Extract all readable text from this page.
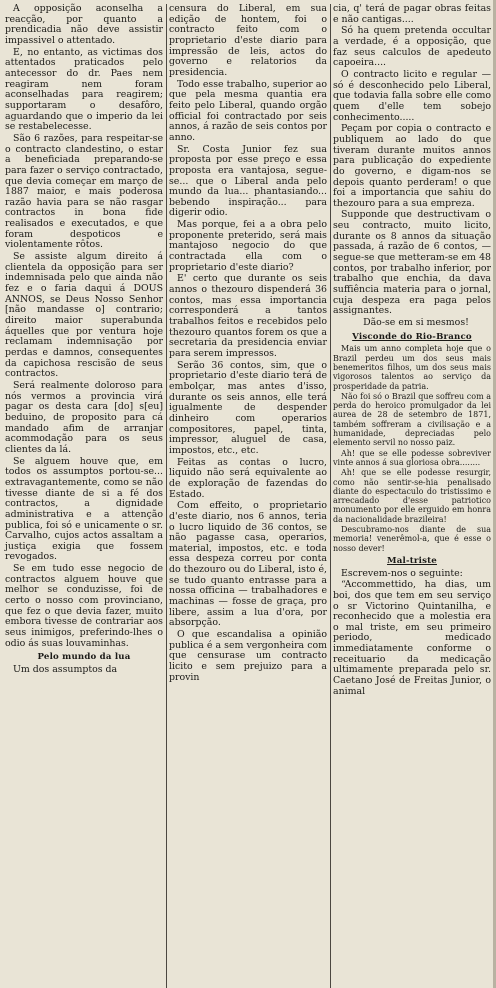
A opposição aconselha a reacção, por quanto a prendicadia não deve assistir impassivel o attentado.

E, no entanto, as victimas dos attentados praticados pelo antecessor do dr. Paes nem reagiram nem foram aconselhadas para reagirem; supportaram o desafôro, aguardando que o imperio da lei se restabelecesse.

São 6 razões, para respeitar-se o contracto clandestino, o estar a beneficiada preparando-se para fazer o serviço contractado, que devia começar em março de 1887 maior, e mais poderosa razão havia para se não rasgar contractos in bona fide realisados e executados, e que foram despoticos e violentamente rôtos.

Se assiste algum direito á clientela da opposição para ser indemnisada pelo que ainda não fez e o faria daqui á DOUS ANNOS, se Deus Nosso Senhor [não mandasse o] contrario; direito maior superabunda áquelles que por ventura hoje reclamam indemnisação por perdas e damnos, consequentes da capichosa rescisão de seus contractos.

Será realmente doloroso para nós vermos a provincia virá pagar os desta cara [do] s[eu] beduino, de proposito para cá mandado afim de arranjar acommodação para os seus clientes da lá.

Se alguem houve que, em todos os assumptos portou-se... extravagantemente, como se não tivesse diante de si a fé dos contractos, a dignidade administrativa e a attenção publica, foi só e unicamente o sr. Carvalho, cujos actos assaltam a justiça exigia que fossem revogados.

Se em tudo esse negocio de contractos alguem houve que melhor se conduzisse, foi de certo o nosso com provinciano, que fez o que devia fazer, muito embora tivesse de contrariar aos seus inimigos, preferindo-lhes o odio ás suas louvaminhas.

Pelo mundo da lua

Um dos assumptos da

censura do Liberal, em sua edição de hontem, foi o contracto feito com o proprietario d'este diario para impressão de leis, actos do governo e relatorios da presidencia.

Todo esse trabalho, superior ao que pela mesma quantia era feito pelo Liberal, quando orgão official foi contractado por seis annos, á razão de seis contos por anno.

Sr. Costa Junior fez sua proposta por esse preço e essa proposta era vantajosa, segue-se... que o Liberal anda pelo mundo da lua... phantasiando... bebendo inspiração... para digerir odio.

Mas porque, fei a a obra pelo proponente preterido, será mais mantajoso negocio do que contractada ella com o proprietario d'este diario?

E' certo que durante os seis annos o thezouro dispenderá 36 contos, mas essa importancia corresponderá a tantos trabalhos feitos e recebidos pelo thezouro quantos forem os que a secretaria da presidencia enviar para serem impressos.

Serão 36 contos, sim, que o proprietario d'este diario terá de embolçar, mas antes d'isso, durante os seis annos, elle terá igualmente de despender dinheiro com operarios compositores, papel, tinta, impressor, aluguel de casa, impostos, etc., etc.

Feitas as contas o lucro, liquido não será equivalente ao de exploração de fazendas do Estado.

Com effeito, o proprietario d'este diario, nos 6 annos, teria o lucro liquido de 36 contos, se não pagasse casa, operarios, material, impostos, etc. e toda essa despeza correu por conta do thezouro ou do Liberal, isto é, se tudo quanto entrasse para a nossa officina — trabalhadores e machinas — fosse de graça, pro libere, assim a lua d'ora, por absorpção.

O que escandalisa a opinião publica é a sem vergonheira com que censurase um contracto licito e sem prejuizo para a provin

cia, q' terá de pagar obras feitas e não cantigas....

Só ha quem pretenda occultar a verdade, é a opposição, que faz seus calculos de apedeuto capoeira....

O contracto licito e regular — só é desconhecido pelo Liberal, que todavia falla sobre elle como quem d'elle tem sobejo conhecimento.....

Peçam por copia o contracto e publiquem ao lado do que tiveram durante muitos annos para publicação do expediente do governo, e digam-nos se depois quanto perderam! o que foi a importancia que sahiu do thezouro para a sua empreza.

Supponde que destructivam o seu contracto, muito licito, durante os 8 annos da situação passada, á razão de 6 contos, — segue-se que metteram-se em 48 contos, por trabalho inferior, por trabalho que enchia, da dava suffiência materia para o jornal, cuja despeza era paga pelos assignantes.

Dão-se em si mesmos!

Visconde do Rio-Branco

Mais um anno completa hoje que o Brazil perdeu um dos seus mais benemeritos filhos, um dos seus mais vigorosos talentos ao serviço da prosperidade da patria.

Não foi só o Brazil que soffreu com a perda do heroico promulgador da lei aurea de 28 de setembro de 1871, também soffreram a civilisação e a humanidade, depreciadas pelo elemento servil no nosso paiz.

Ah! que se elle podesse sobreviver vinte annos á sua gloriosa obra........

Ah! que se elle podesse resurgir, como não sentir-se-hia penalisado diante do espectaculo do tristissimo e arrecadado d'esse patriotico monumento por elle erguido em honra da nacionalidade brazileira!

Descubramo-nos diante de sua memoria! venerêmol-a, que é esse o nosso dever!

Mal-triste

Escrevem-nos o seguinte:

“Accommettido, ha dias, um boi, dos que tem em seu serviço o sr Victorino Quintanilha, e reconhecido que a molestia era o mal triste, em seu primeiro periodo, medicado immediatamente conforme o receituario da medicação ultimamente preparada pelo sr. Caetano José de Freitas Junior, o animal
